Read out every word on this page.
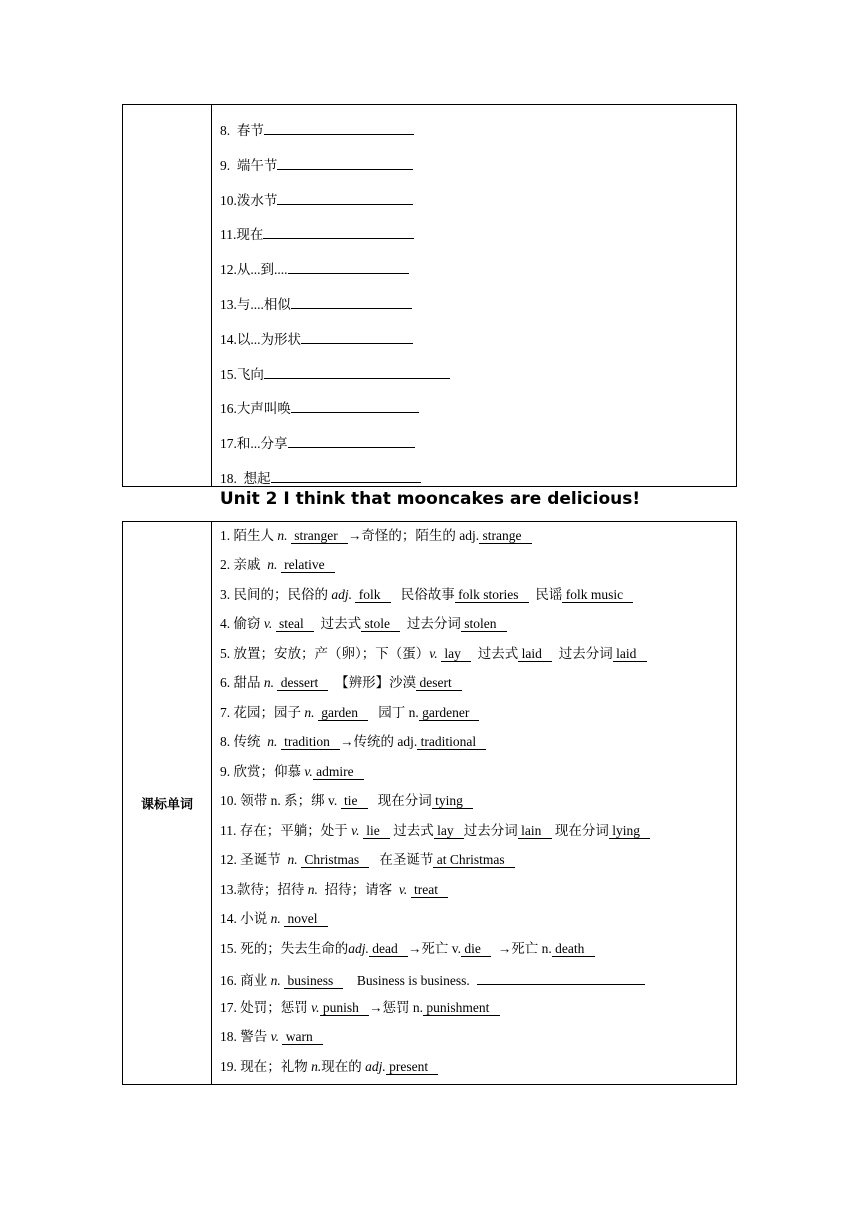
8. 春节
9. 端午节
10.泼水节
11.现在
12.从...到....
13.与....相似
14.以...为形状
15.飞向
16.大声叫唤
17.和...分享
18. 想起
Unit 2 I think that mooncakes are delicious!
课标单词
1. 陌生人 n.  stranger   →奇怪的；陌生的 adj. strange
2. 亲戚 n.  relative
3. 民间的；民俗的 adj.  folk      民俗故事 folk stories     民谣 folk music
4. 偷窃 v.  steal     过去式 stole     过去分词 stolen
5. 放置；安放；产（卵）；下（蛋）v.  lay     过去式 laid     过去分词 laid
6. 甜品 n.  dessert     【辨形】沙漠 desert
7. 花园；园子 n.  garden      园丁 n. gardener
8. 传统 n.  tradition   →传统的 adj. traditional
9. 欣赏；仰慕 v. admire
10. 领带 n. 系；绑 v.  tie      现在分词 tying
11. 存在；平躺；处于 v.  lie    过去式 lay   过去分词 lain    现在分词 lying
12. 圣诞节 n.  Christmas      在圣诞节 at Christmas
13.款待；招待 n. 招待；请客 v.  treat
14. 小说 n.  novel
15. 死的；失去生命的adj. dead   →死亡 v. die     →死亡 n. death
16. 商业 n.  business       Business is business.
17. 处罚；惩罚 v. punish   →惩罚 n. punishment
18. 警告 v.  warn
19. 现在；礼物 n.现在的 adj. present
